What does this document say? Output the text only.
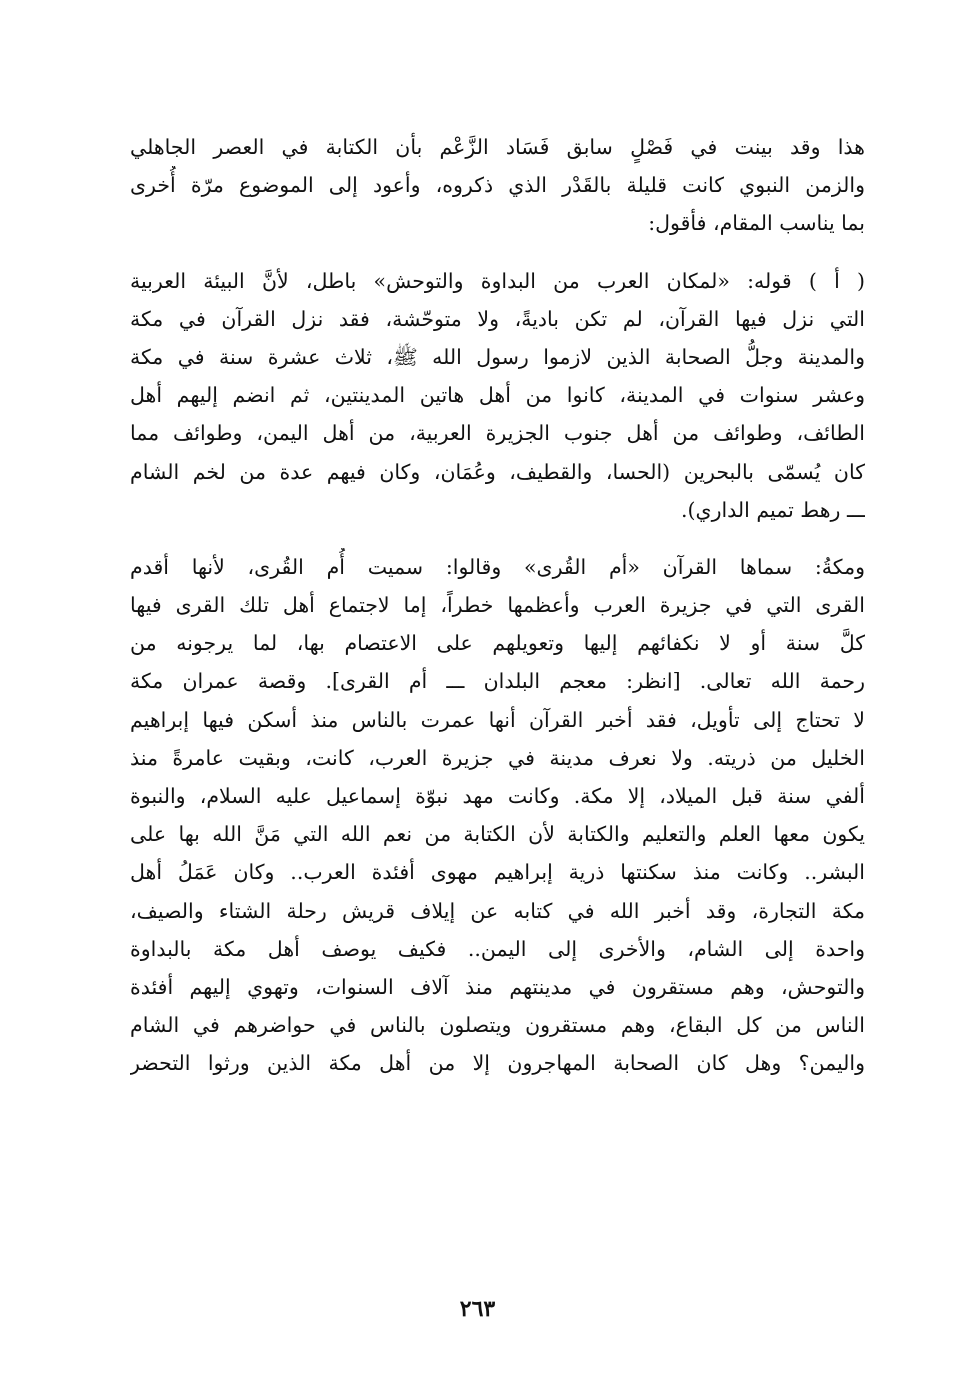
هذا وقد بينت في فَصْلٍ سابق فَسَاد الزَّعْم بأن الكتابة في العصر الجاهلي
والزمن النبوي كانت قليلة بالقَدْر الذي ذكروه، وأعود إلى الموضوع مرّة أُخرى
بما يناسب المقام، فأقول:
( أ ) قوله: «لمكان العرب من البداوة والتوحش» باطل، لأنَّ البيئة العربية
التي نزل فيها القرآن، لم تكن باديةً، ولا متوحّشة، فقد نزل القرآن في مكة
والمدينة وجلُّ الصحابة الذين لازموا رسول الله ﷺ، ثلاث عشرة سنة في مكة
وعشر سنوات في المدينة، كانوا من أهل هاتين المدينتين، ثم انضم إليهم أهل
الطائف، وطوائف من أهل جنوب الجزيرة العربية، من أهل اليمن، وطوائف مما
كان يُسمّى بالبحرين (الحسا، والقطيف، وعُمَان، وكان فيهم عدة من لخم الشام
ـــ رهط تميم الداري).
ومكةُ: سماها القرآن «أم القُرى» وقالوا: سميت أُم القُرى، لأنها أقدم
القرى التي في جزيرة العرب وأعظمها خطراً، إما لاجتماع أهل تلك القرى فيها
كلَّ سنة أو لا نكفائهم إليها وتعويلهم على الاعتصام بها، لما يرجونه من
رحمة الله تعالى. [انظر: معجم البلدان ـــ أم القرى]. وقصة عمران مكة
لا تحتاج إلى تأويل، فقد أخبر القرآن أنها عمرت بالناس منذ أسكن فيها إبراهيم
الخليل من ذريته. ولا نعرف مدينة في جزيرة العرب، كانت، وبقيت عامرةً منذ
ألفي سنة قبل الميلاد، إلا مكة. وكانت مهد نبوّة إسماعيل عليه السلام، والنبوة
يكون معها العلم والتعليم والكتابة لأن الكتابة من نعم الله التي مَنَّ الله بها على
البشر.. وكانت منذ سكنتها ذرية إبراهيم مهوى أفئدة العرب.. وكان عَمَلُ أهل
مكة التجارة، وقد أخبر الله في كتابه عن إيلاف قريش رحلة الشتاء والصيف،
واحدة إلى الشام، والأخرى إلى اليمن.. فكيف يوصف أهل مكة بالبداوة
والتوحش، وهم مستقرون في مدينتهم منذ آلاف السنوات، وتهوي إليهم أفئدة
الناس من كل البقاع، وهم مستقرون ويتصلون بالناس في حواضرهم في الشام
واليمن؟ وهل كان الصحابة المهاجرون إلا من أهل مكة الذين ورثوا التحضر
٢٦٣
